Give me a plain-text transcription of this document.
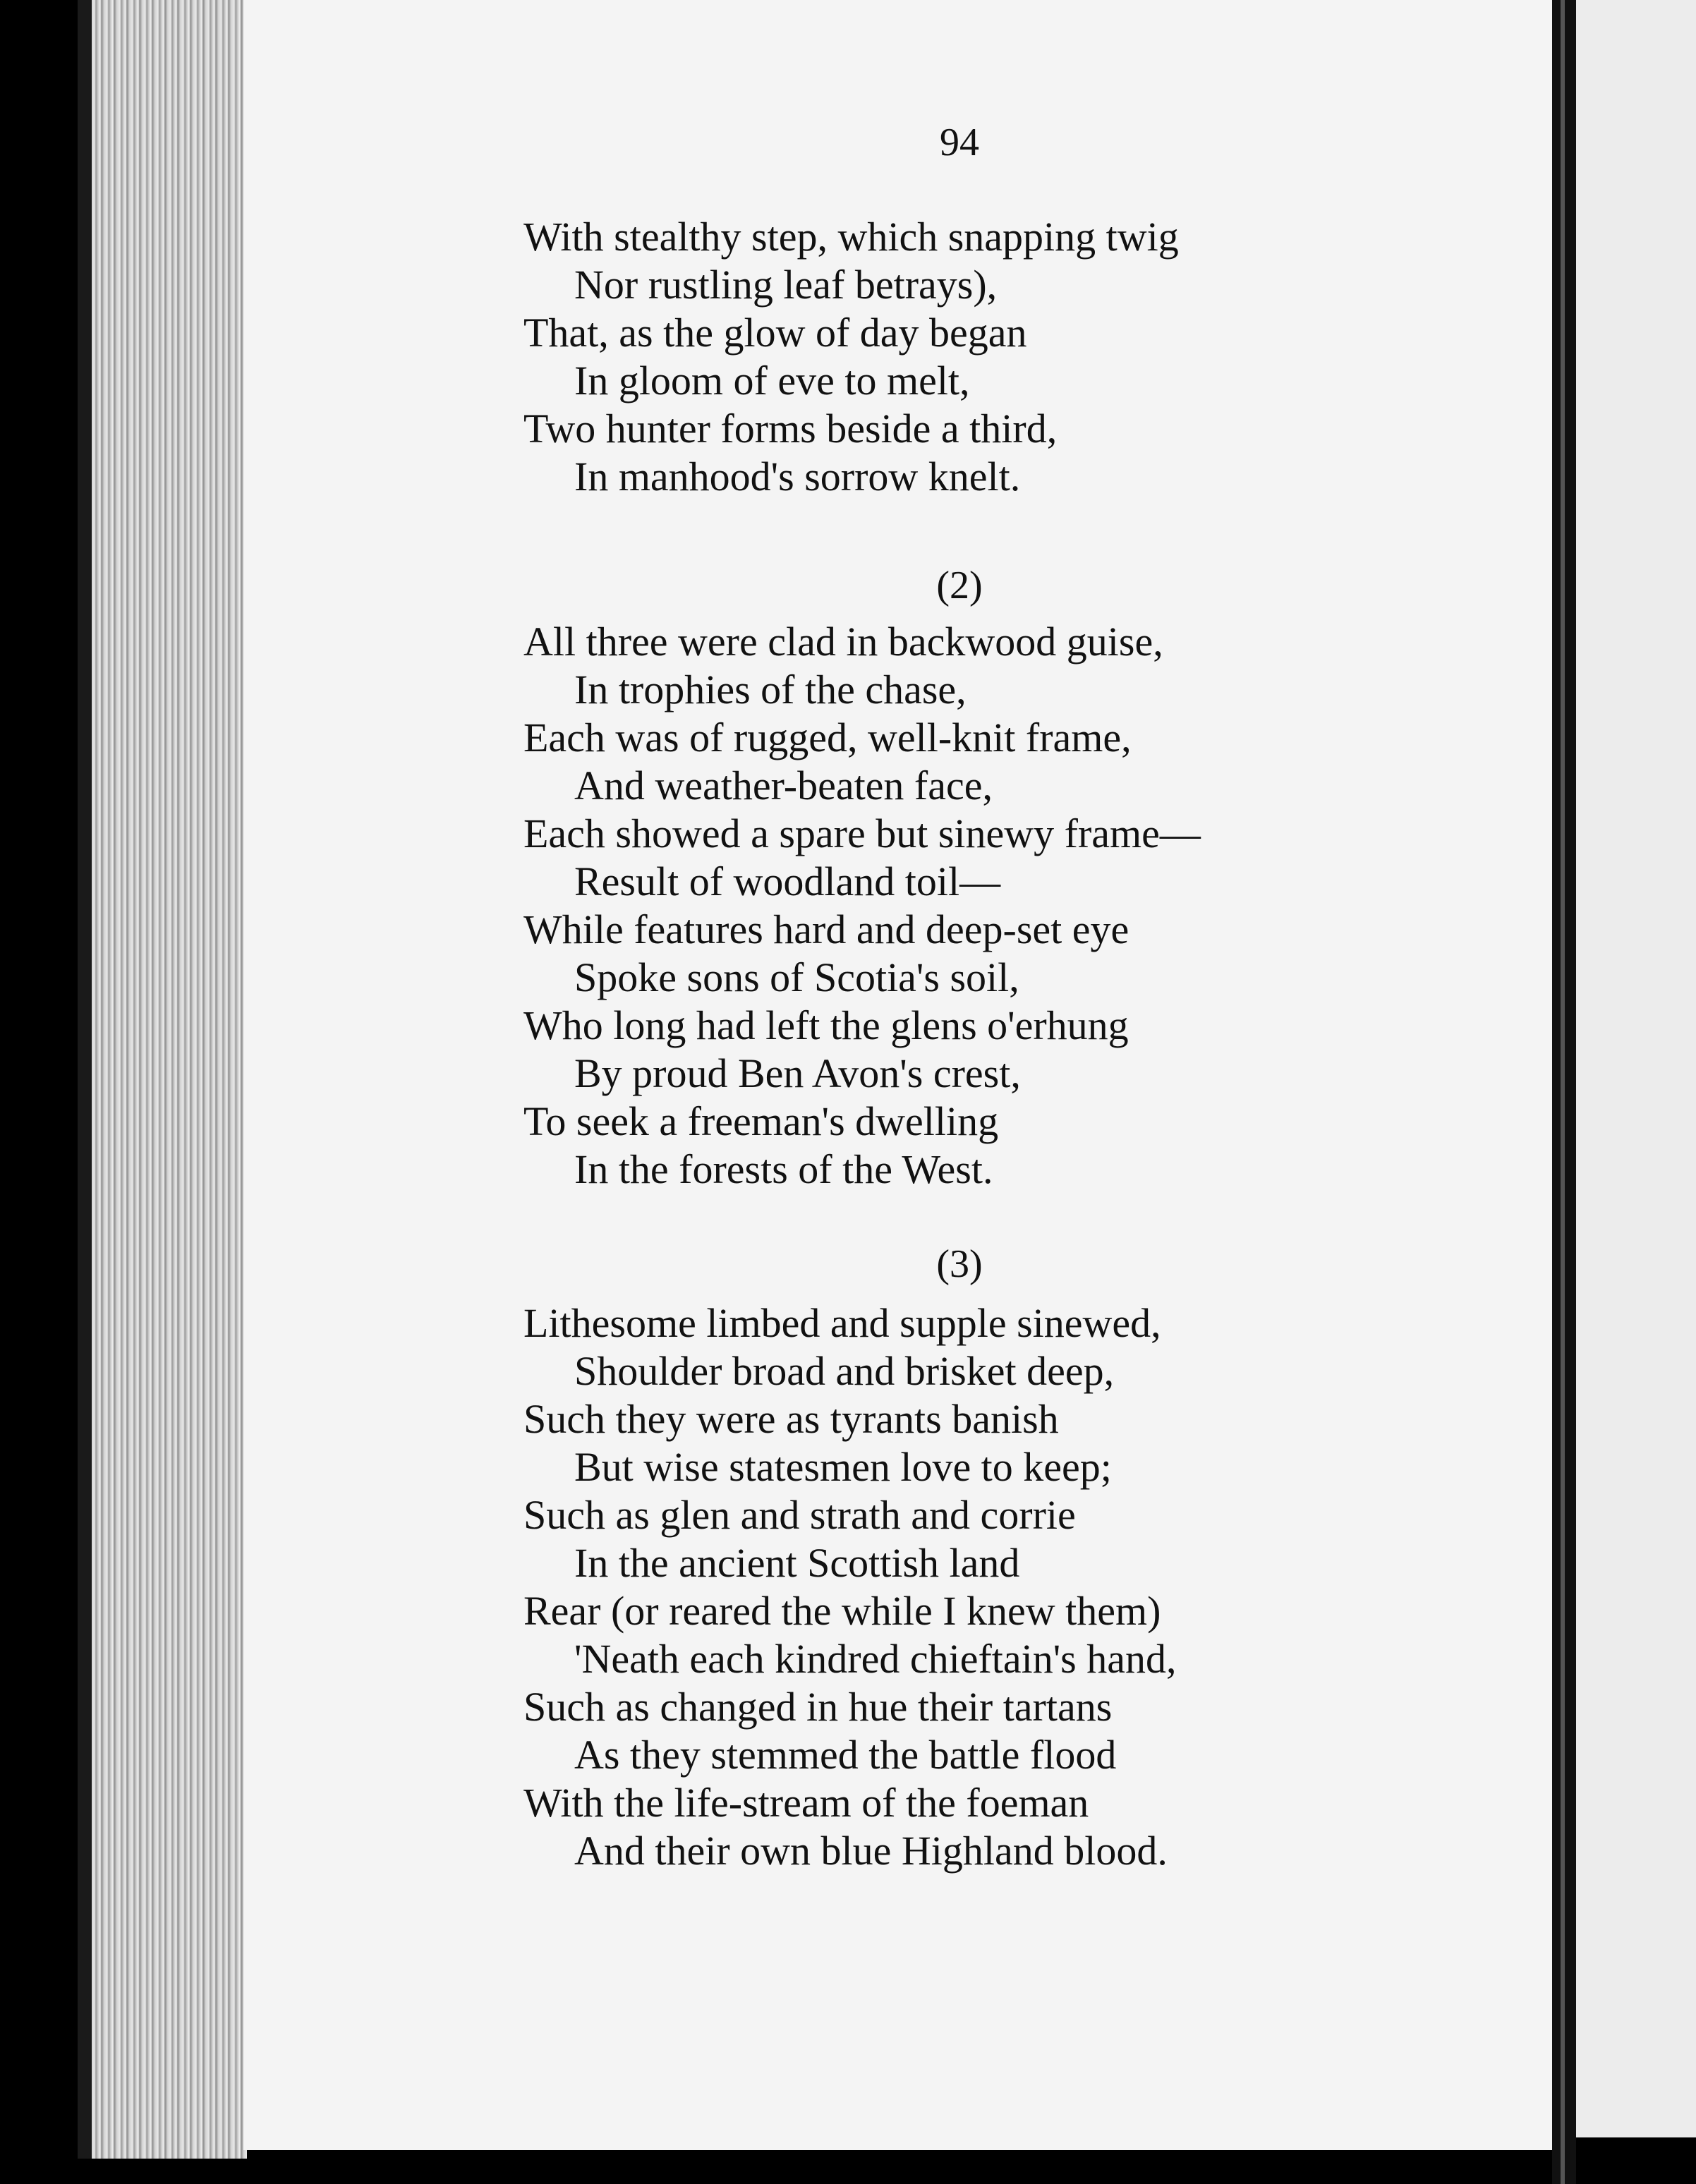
94
With stealthy step, which snapping twig
Nor rustling leaf betrays),
That, as the glow of day began
In gloom of eve to melt,
Two hunter forms beside a third,
In manhood's sorrow knelt.
(2)
All three were clad in backwood guise,
In trophies of the chase,
Each was of rugged, well-knit frame,
And weather-beaten face,
Each showed a spare but sinewy frame—
Result of woodland toil—
While features hard and deep-set eye
Spoke sons of Scotia's soil,
Who long had left the glens o'erhung
By proud Ben Avon's crest,
To seek a freeman's dwelling
In the forests of the West.
(3)
Lithesome limbed and supple sinewed,
Shoulder broad and brisket deep,
Such they were as tyrants banish
But wise statesmen love to keep;
Such as glen and strath and corrie
In the ancient Scottish land
Rear (or reared the while I knew them)
'Neath each kindred chieftain's hand,
Such as changed in hue their tartans
As they stemmed the battle flood
With the life-stream of the foeman
And their own blue Highland blood.
